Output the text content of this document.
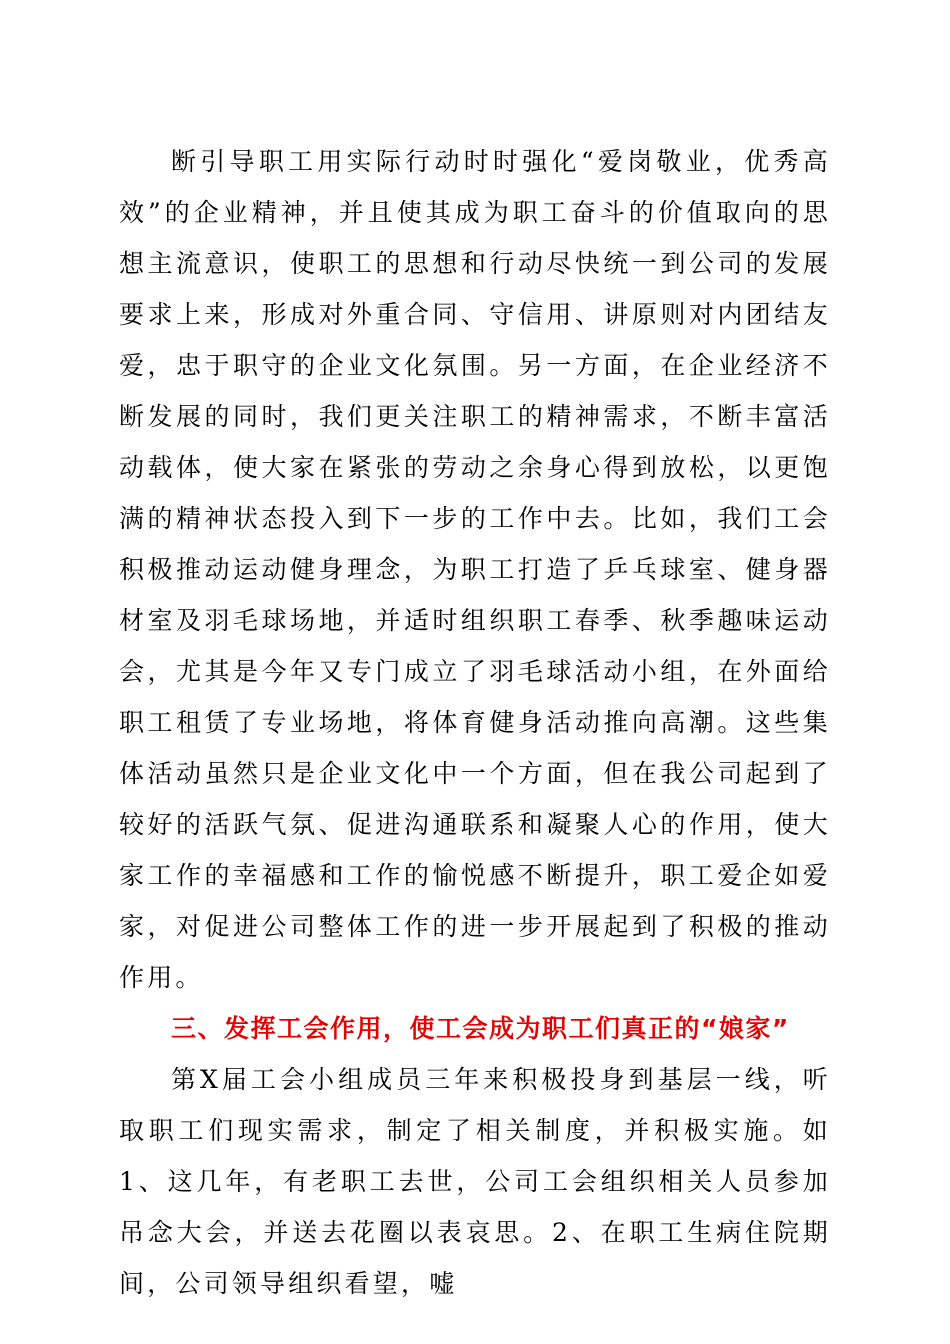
断引导职工用实际行动时时强化“爱岗敬业，优秀高效”的企业精神，并且使其成为职工奋斗的价值取向的思想主流意识，使职工的思想和行动尽快统一到公司的发展要求上来，形成对外重合同、守信用、讲原则对内团结友爱，忠于职守的企业文化氛围。另一方面，在企业经济不断发展的同时，我们更关注职工的精神需求，不断丰富活动载体，使大家在紧张的劳动之余身心得到放松，以更饱满的精神状态投入到下一步的工作中去。比如，我们工会积极推动运动健身理念，为职工打造了乒乓球室、健身器材室及羽毛球场地，并适时组织职工春季、秋季趣味运动会，尤其是今年又专门成立了羽毛球活动小组，在外面给职工租赁了专业场地，将体育健身活动推向高潮。这些集体活动虽然只是企业文化中一个方面，但在我公司起到了较好的活跃气氛、促进沟通联系和凝聚人心的作用，使大家工作的幸福感和工作的愉悦感不断提升，职工爱企如爱家，对促进公司整体工作的进一步开展起到了积极的推动作用。

三、发挥工会作用，使工会成为职工们真正的“娘家”

第X届工会小组成员三年来积极投身到基层一线，听取职工们现实需求，制定了相关制度，并积极实施。如1、这几年，有老职工去世，公司工会组织相关人员参加吊念大会，并送去花圈以表哀思。2、在职工生病住院期间，公司领导组织看望，嘘
